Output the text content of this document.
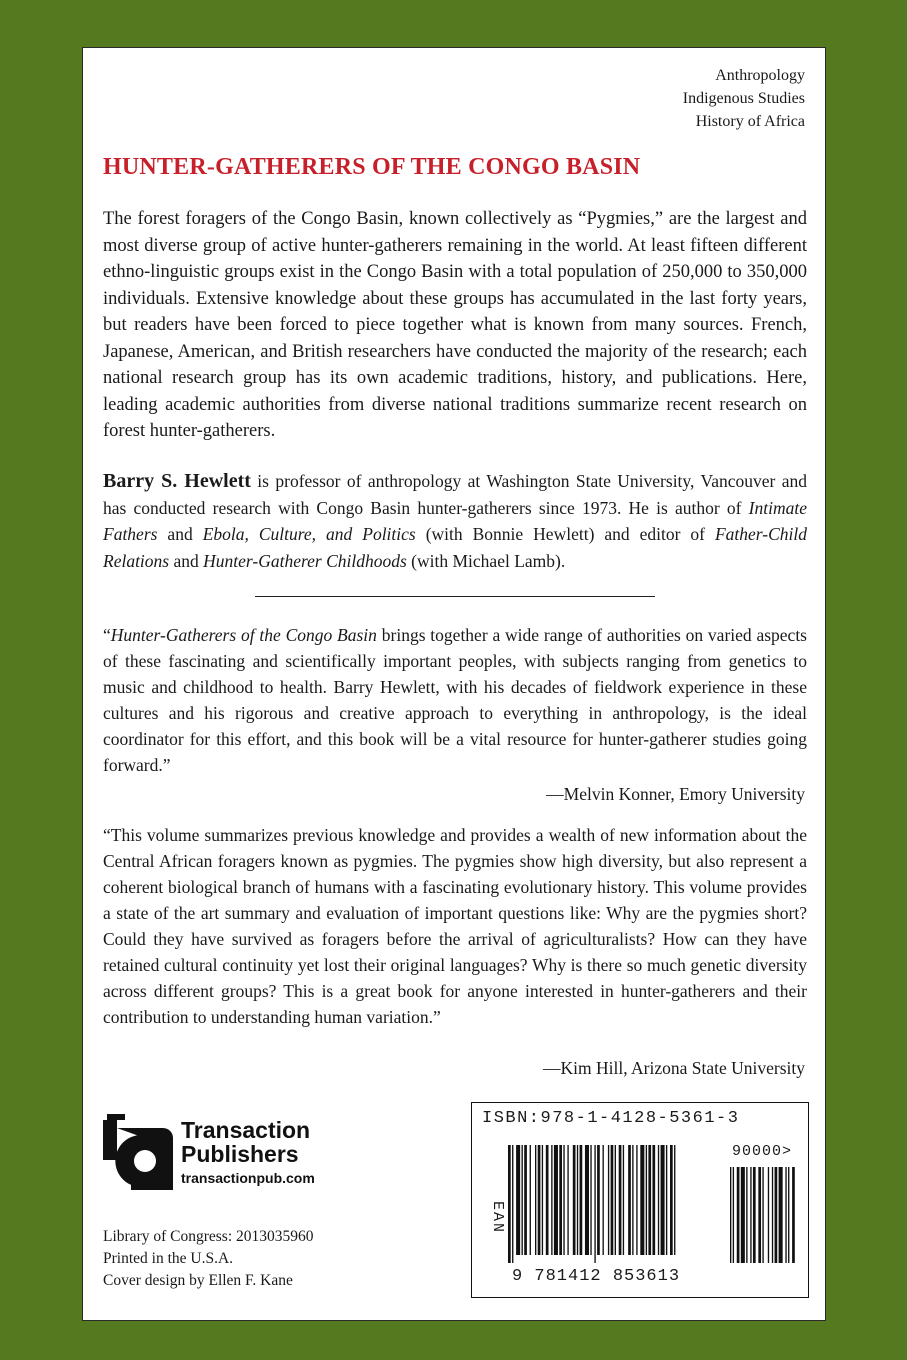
Anthropology
Indigenous Studies
History of Africa
HUNTER-GATHERERS OF THE CONGO BASIN

The forest foragers of the Congo Basin, known collectively as “Pygmies,” are the largest and most diverse group of active hunter-gatherers remaining in the world. At least fifteen different ethno-linguistic groups exist in the Congo Basin with a total population of 250,000 to 350,000 individuals. Extensive knowledge about these groups has accumulated in the last forty years, but readers have been forced to piece together what is known from many sources. French, Japanese, American, and British researchers have conducted the majority of the research; each national research group has its own academic traditions, history, and publications. Here, leading academic authorities from diverse national traditions summarize recent research on forest hunter-gatherers.

Barry S. Hewlett is professor of anthropology at Washington State University, Vancouver and has conducted research with Congo Basin hunter-gatherers since 1973. He is author of Intimate Fathers and Ebola, Culture, and Politics (with Bonnie Hewlett) and editor of Father-Child Relations and Hunter-Gatherer Childhoods (with Michael Lamb).

“Hunter-Gatherers of the Congo Basin brings together a wide range of authorities on varied aspects of these fascinating and scientifically important peoples, with subjects ranging from genetics to music and childhood to health. Barry Hewlett, with his decades of fieldwork experience in these cultures and his rigorous and creative approach to everything in anthropology, is the ideal coordinator for this effort, and this book will be a vital resource for hunter-gatherer studies going forward.”

—Melvin Konner, Emory University

“This volume summarizes previous knowledge and provides a wealth of new information about the Central African foragers known as pygmies. The pygmies show high diversity, but also represent a coherent biological branch of humans with a fascinating evolutionary history. This volume provides a state of the art summary and evaluation of important questions like: Why are the pygmies short? Could they have survived as foragers before the arrival of agriculturalists? How can they have retained cultural continuity yet lost their original languages? Why is there so much genetic diversity across different groups? This is a great book for anyone interested in hunter-gatherers and their contribution to understanding human variation.”

—Kim Hill, Arizona State University
Transaction
Publishers
transactionpub.com
Library of Congress: 2013035960
Printed in the U.S.A.
Cover design by Ellen F. Kane
ISBN:978-1-4128-5361-3
EAN
90000>
9 781412 853613
